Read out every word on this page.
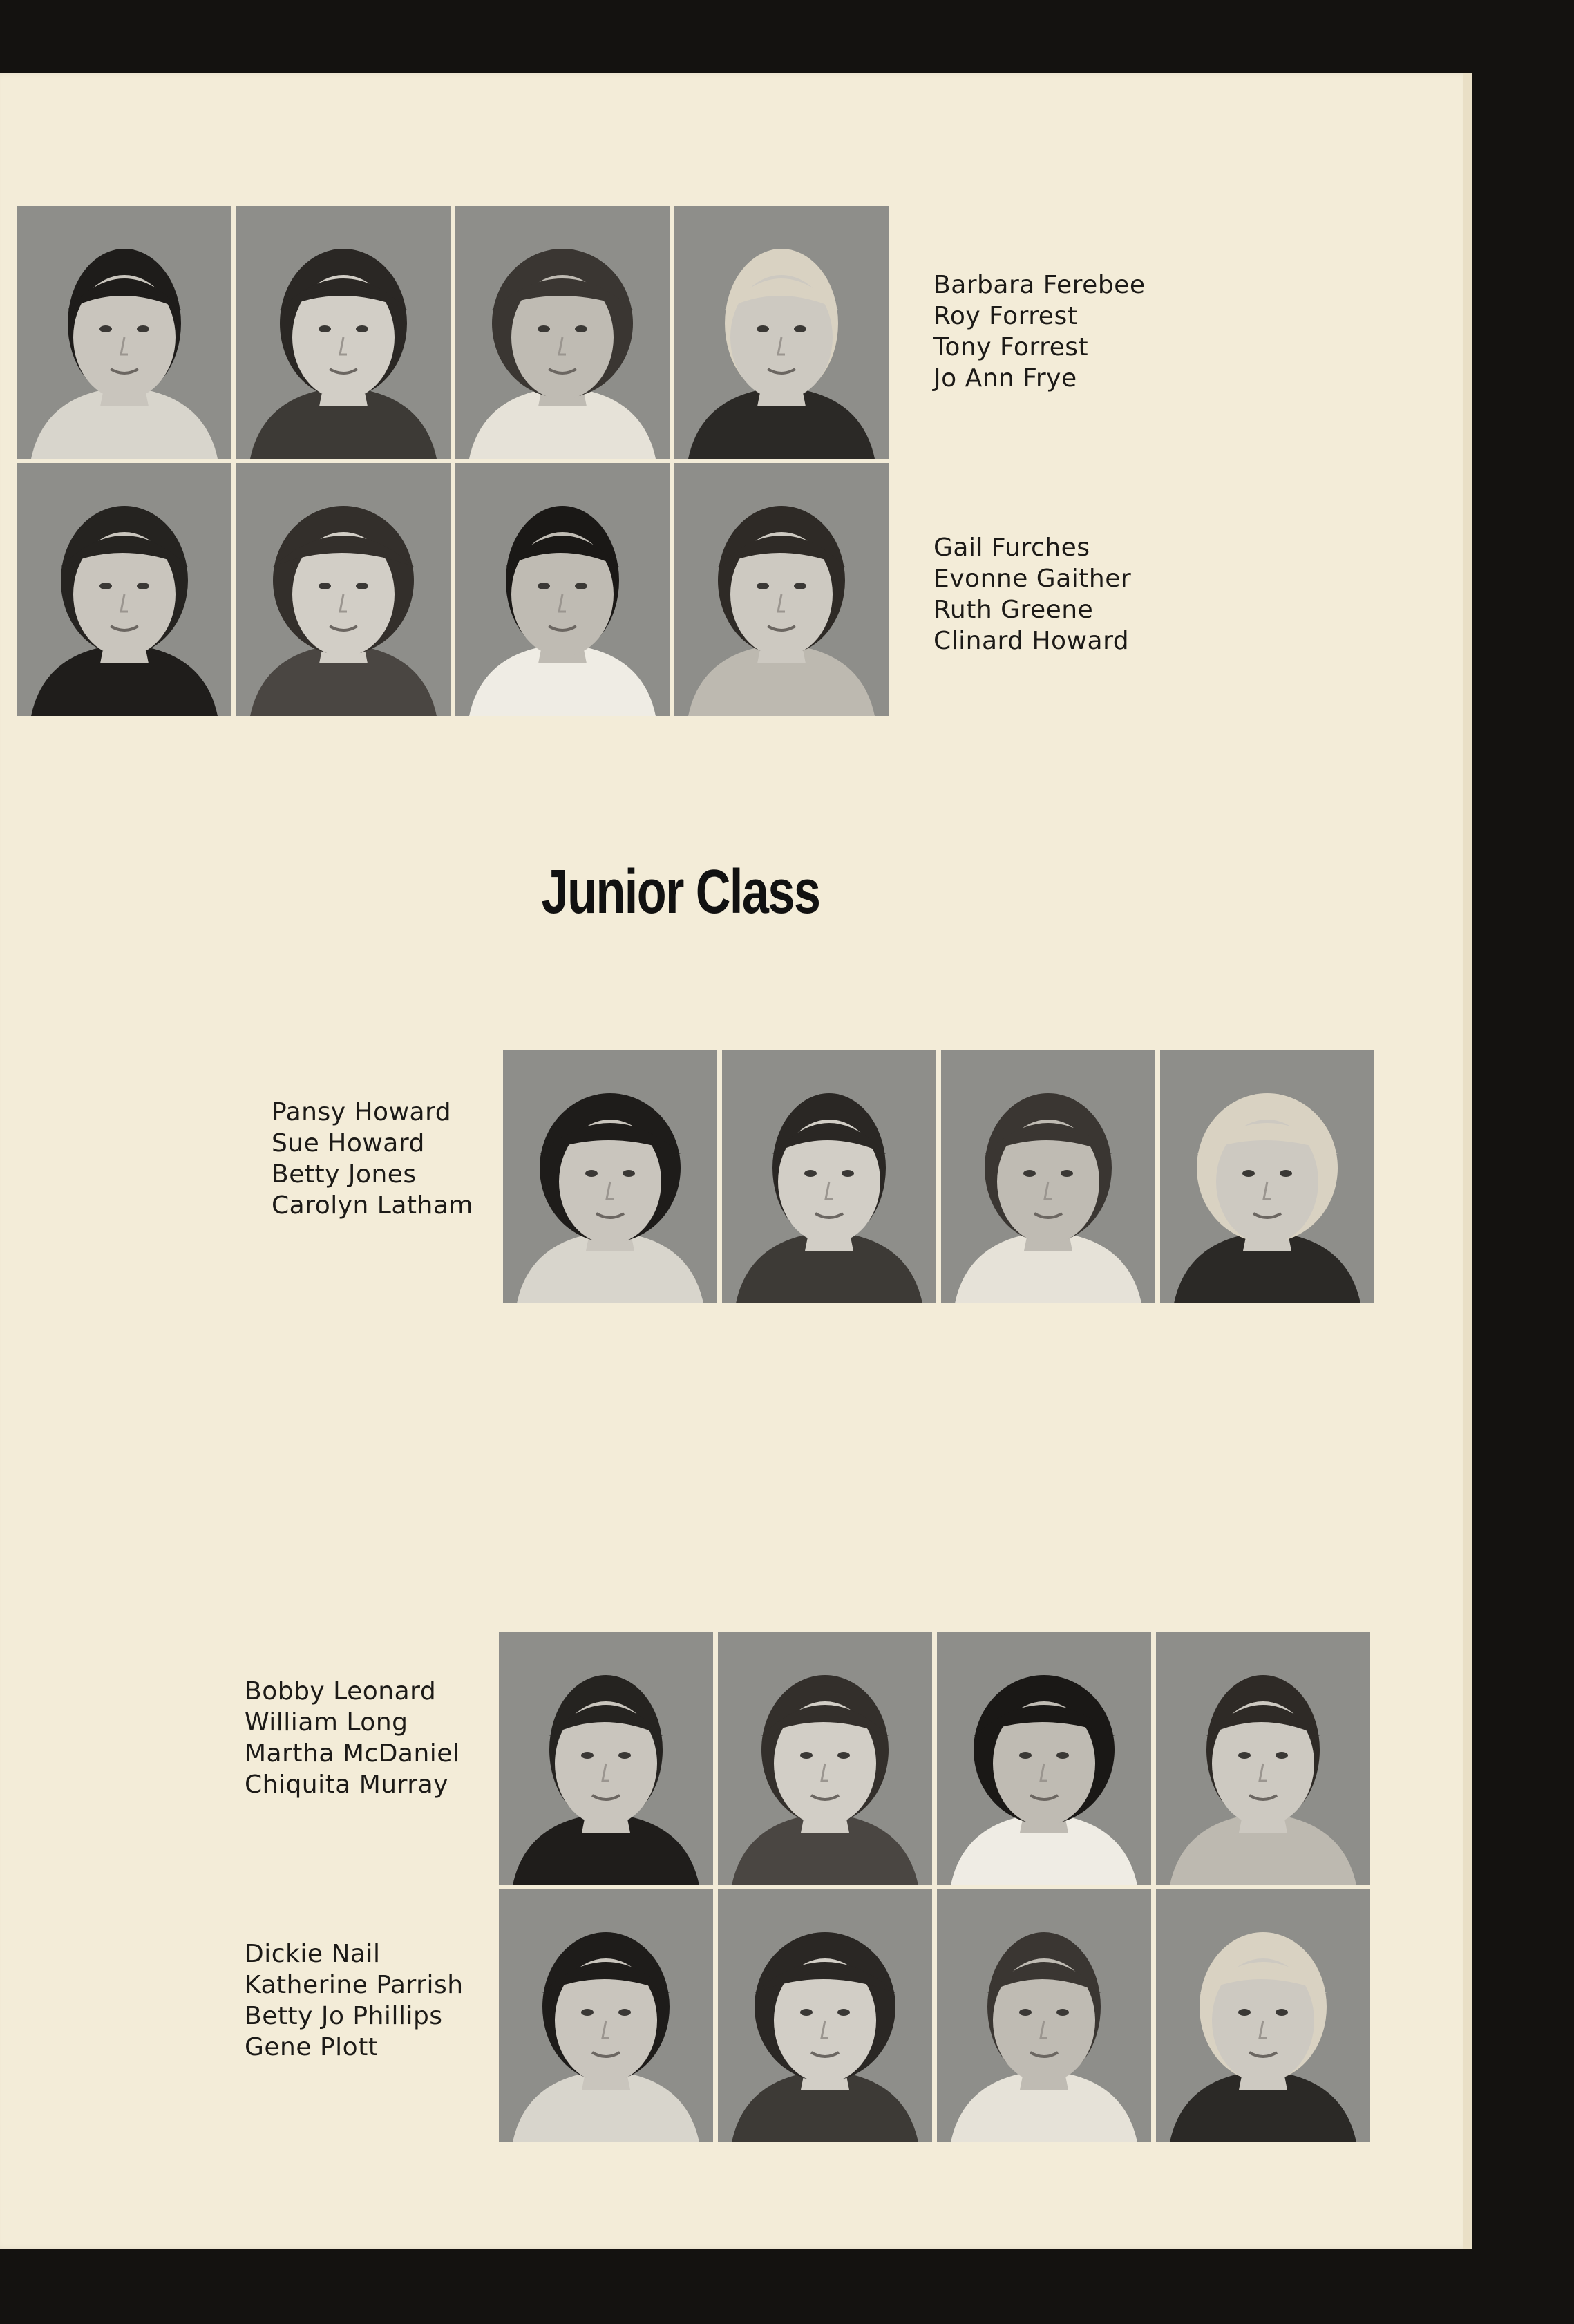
Barbara Ferebee
Roy Forrest
Tony Forrest
Jo Ann Frye
Gail Furches
Evonne Gaither
Ruth Greene
Clinard Howard
Junior Class
Pansy Howard
Sue Howard
Betty Jones
Carolyn Latham
Bobby Leonard
William Long
Martha McDaniel
Chiquita Murray
Dickie Nail
Katherine Parrish
Betty Jo Phillips
Gene Plott
